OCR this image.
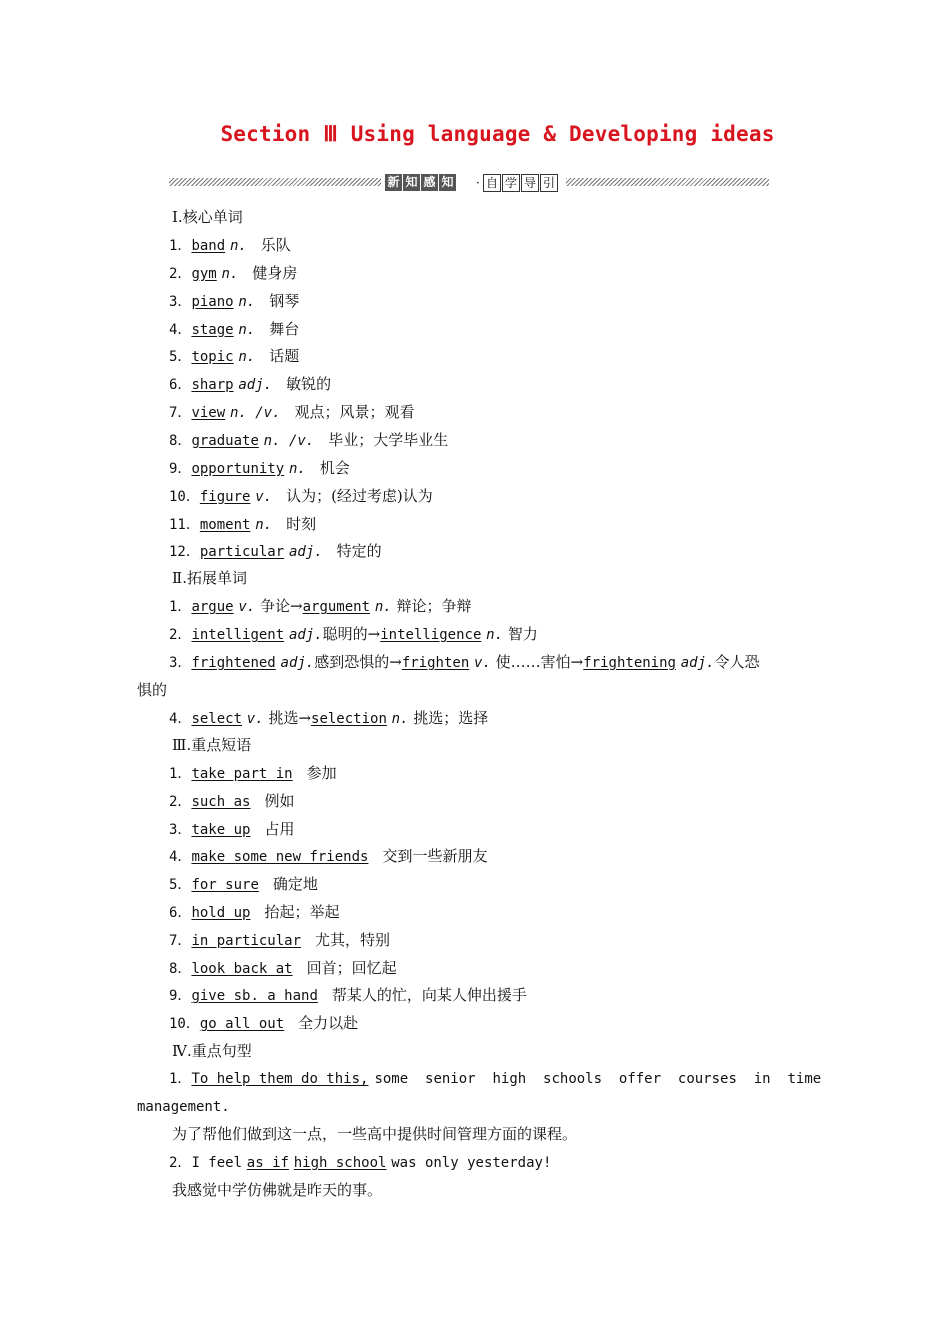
Section Ⅲ Using language & Developing ideas
新 知 感 知 · 自 学 导 引
Ⅰ.核心单词
1．band n. 乐队
2．gym n. 健身房
3．piano n. 钢琴
4．stage n. 舞台
5．topic n. 话题
6．sharp adj. 敏锐的
7．view n. /v. 观点；风景；观看
8．graduate n. /v. 毕业；大学毕业生
9．opportunity n. 机会
10．figure v. 认为；(经过考虑)认为
11．moment n. 时刻
12．particular adj. 特定的
Ⅱ.拓展单词
1．argue v. 争论→argument n. 辩论；争辩
2．intelligent adj.聪明的→intelligence n. 智力
3．frightened adj.感到恐惧的→frighten v. 使……害怕→frightening adj.令人恐
惧的
4．select v. 挑选→selection n. 挑选；选择
Ⅲ.重点短语
1．take part in 参加
2．such as 例如
3．take up 占用
4．make some new friends 交到一些新朋友
5．for sure 确定地
6．hold up 抬起；举起
7．in particular 尤其，特别
8．look back at 回首；回忆起
9．give sb. a hand 帮某人的忙，向某人伸出援手
10．go all out 全力以赴
Ⅳ.重点句型
1． To help them do this, some  senior  high  schools  offer  courses  in  time
management.
为了帮他们做到这一点，一些高中提供时间管理方面的课程。
2．I feel as if high school was only yesterday!
我感觉中学仿佛就是昨天的事。
